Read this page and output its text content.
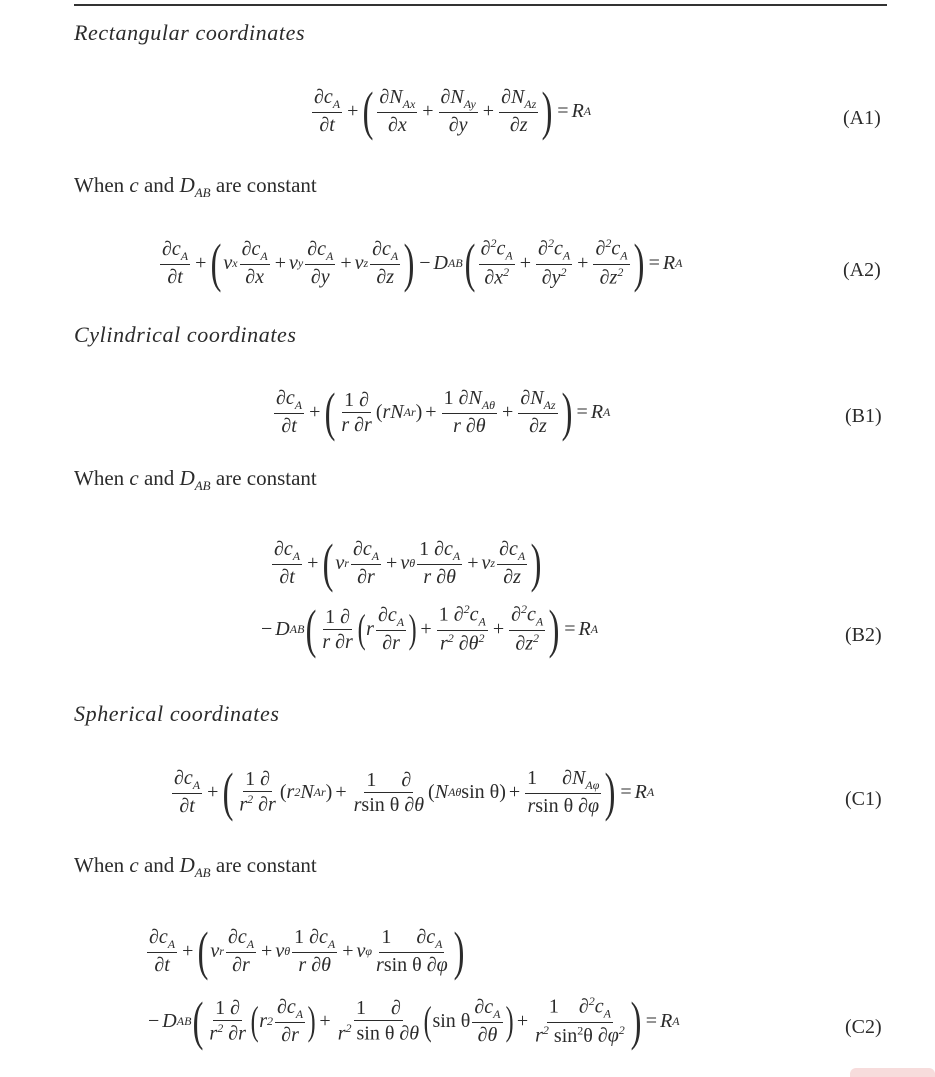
Rectangular coordinates
$\partial c_A$
∂t
+ ( $\partial N_{Ax}$
∂x
+
$\partial N_{Ay}$
∂y
+
$\partial N_{Az}$
∂z ) = R A	(A1)
When c and $D_{AB}$ are constant
$\partial c_A$
∂t
+ ( v x
$\partial c_A$
∂x
+ v y
$\partial c_A$
∂y
+ v z
$\partial c_A$
∂z ) − D AB ( $\partial^2c_A$
$\partial x^2 + \frac{\partial^2c_A}{\partial y^2} + \frac{\partial^2c_A}{\partial z^2}$ ) = R A	(A2)
Cylindrical coordinates
$\partial c_A$
∂t
+ ( 1 ∂
r ∂r
( rN Ar ) +
1 $\partial N_{A\theta}$
r ∂θ
+
$\partial N_{Az}$
∂z ) = R A	(B1)
When c and $D_{AB}$ are constant
$\partial c_A$
∂t
+ ( v r
$\partial c_A$
∂r
+ v θ
1 $\partial c_A$
r ∂θ
+ v z
$\partial c_A$
∂z )
− D AB ( 1 ∂
r ∂r ( r
$\partial c_A$
∂r ) + $\frac{1 \partial^2c_A}{r^2 \partial\theta^2} + \frac{\partial^2c_A}{\partial z^2}$ ) = R A	(B2)
Spherical coordinates
$\partial c_A$
∂t
+ ( 1 ∂
$r^2$ ∂r
( r 2 N Ar ) + $\frac{1 \partial}{\text{rsin θ ∂θ}}$ ( N Aθ sin θ) +
1     $\partial N_{A\varphi}$
rsin θ ∂φ ) = R A	(C1)
When c and $D_{AB}$ are constant
$\partial c_A$
∂t
+ ( v r
$\partial c_A$
∂r
+ v θ
1 $\partial c_A$
r ∂θ
+ v φ
1     $\partial c_A$
rsin θ ∂φ )
− D AB ( 1 ∂
$r^2$ ∂r ( r 2
$\partial c_A$
∂r ) + $\frac{1 \partial}{r^2 \sin \theta \partial\theta}$ ( sin θ
$\partial c_A$
∂θ ) + $\frac{1 \partial^2c_A}{r^2 \sin^2\theta \partial\varphi^2}$ ) = R A	(C2)
